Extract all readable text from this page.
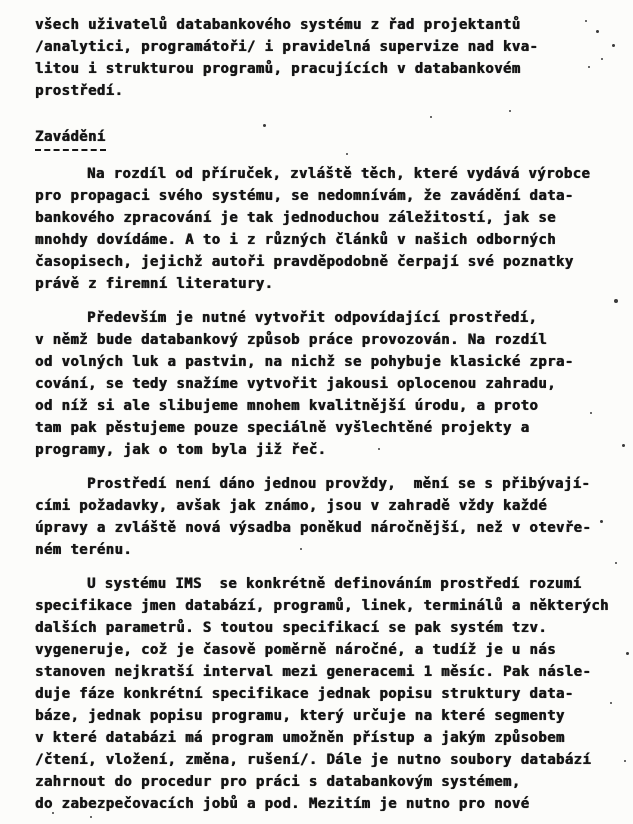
všech uživatelů databankového systému z řad projektantů
/analytici, programátoři/ i pravidelná supervize nad kva-
litou i strukturou programů, pracujících v databankovém
prostředí.
Zavádění
Na rozdíl od příruček, zvláště těch, které vydává výrobce
pro propagaci svého systému, se nedomnívám, že zavádění data-
bankového zpracování je tak jednoduchou záležitostí, jak se
mnohdy dovídáme. A to i z různých článků v našich odborných
časopisech, jejichž autoři pravděpodobně čerpají své poznatky
právě z firemní literatury.
Především je nutné vytvořit odpovídající prostředí,
v němž bude databankový způsob práce provozován. Na rozdíl
od volných luk a pastvin, na nichž se pohybuje klasické zpra-
cování, se tedy snažíme vytvořit jakousi oplocenou zahradu,
od níž si ale slibujeme mnohem kvalitnější úrodu, a proto
tam pak pěstujeme pouze speciálně vyšlechtěné projekty a
programy, jak o tom byla již řeč.
Prostředí není dáno jednou provždy,  mění se s přibývají-
cími požadavky, avšak jak známo, jsou v zahradě vždy každé
úpravy a zvláště nová výsadba poněkud náročnější, než v otevře-
ném terénu.
U systému IMS  se konkrétně definováním prostředí rozumí
specifikace jmen databází, programů, linek, terminálů a některých
dalších parametrů. S toutou specifikací se pak systém tzv.
vygeneruje, což je časově poměrně náročné, a tudíž je u nás
stanoven nejkratší interval mezi generacemi 1 měsíc. Pak násle-
duje fáze konkrétní specifikace jednak popisu struktury data-
báze, jednak popisu programu, který určuje na které segmenty
v které databázi má program umožněn přístup a jakým způsobem
/čtení, vložení, změna, rušení/. Dále je nutno soubory databází
zahrnout do procedur pro práci s databankovým systémem,
do zabezpečovacích jobů a pod. Mezitím je nutno pro nové
